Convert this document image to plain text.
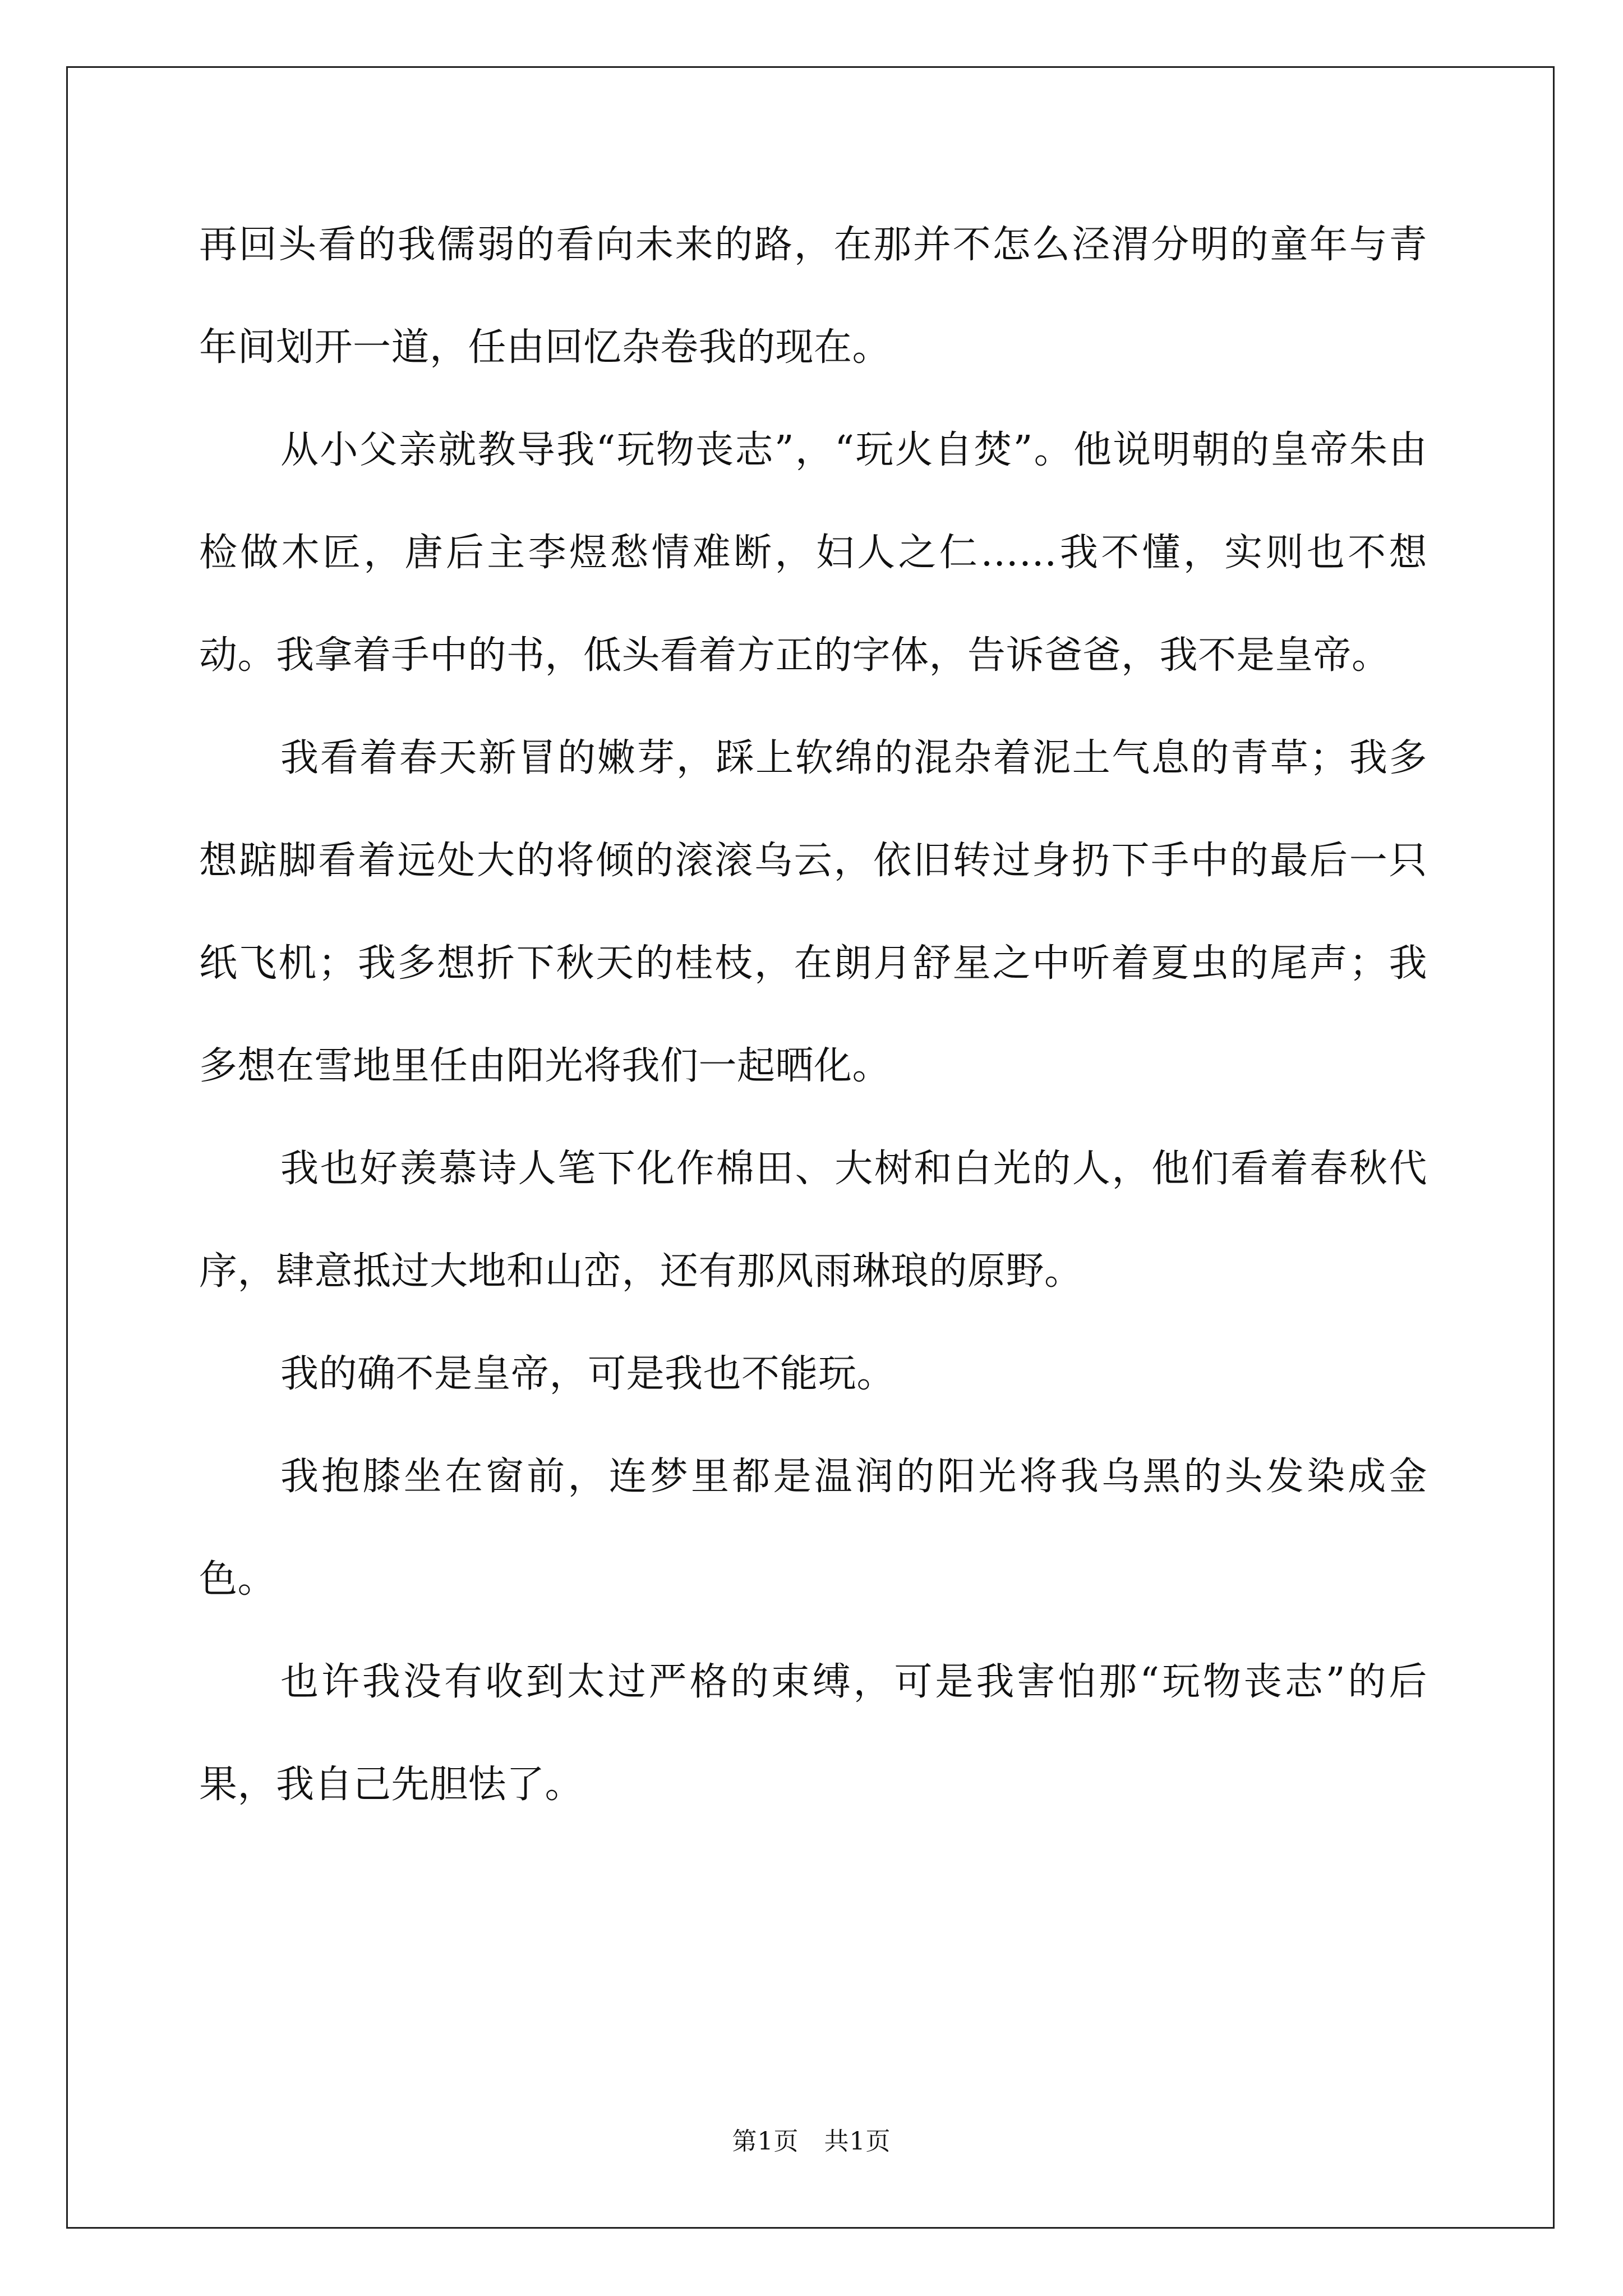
再回头看的我儒弱的看向未来的路，在那并不怎么泾渭分明的童年与青年间划开一道，任由回忆杂卷我的现在。

从小父亲就教导我“玩物丧志”，“玩火自焚”。他说明朝的皇帝朱由检做木匠，唐后主李煜愁情难断，妇人之仁……我不懂，实则也不想动。我拿着手中的书，低头看着方正的字体，告诉爸爸，我不是皇帝。

我看着春天新冒的嫩芽，踩上软绵的混杂着泥土气息的青草；我多想踮脚看着远处大的将倾的滚滚乌云，依旧转过身扔下手中的最后一只纸飞机；我多想折下秋天的桂枝，在朗月舒星之中听着夏虫的尾声；我多想在雪地里任由阳光将我们一起晒化。

我也好羡慕诗人笔下化作棉田、大树和白光的人，他们看着春秋代序，肆意抵过大地和山峦，还有那风雨琳琅的原野。

我的确不是皇帝，可是我也不能玩。

我抱膝坐在窗前，连梦里都是温润的阳光将我乌黑的头发染成金色。

也许我没有收到太过严格的束缚，可是我害怕那“玩物丧志”的后果，我自己先胆怯了。

第1页　共1页
